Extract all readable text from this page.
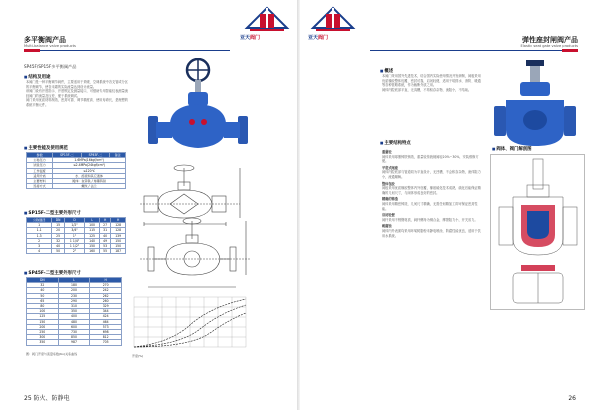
亚天阀门
多平衡阀产品
Multi-balance valve products
SP45F/SP15F多平衡阀产品
■ 结构及用途

本阀门是一种平衡调节阀件，主要适用于采暖、空调系统中各支管或分区的平衡调节，使各末端的实际流量达到设计流量。

该阀门设有开度指示、开度锁定及测量接口，可借助专用智能仪表测量流经阀门的流量及压差，便于系统调试。

阀门采用优质材料制造，密封可靠、调节精度高、使用寿命长，是理想的系统平衡元件。

■ 主要性能及使用规范
参数	SP15F-二	SP45F-二	备注
公称压力	1.6MPa(16kgf/cm²)		
试验压力	≤2.4MPa(24kgf/cm²)		
工作温度	≤120℃		
适用介质	水、溶液和其它液体		
主要材料	阀体：灰铸铁 / 球墨铸铁		
连接方式	螺纹 / 法兰		
■ SP15F-二型主要外形尺寸
公称通径	DN	D	L	H	H
1	15	1/2"	100	27	128
1.1	20	3/4"	115	31	128
1.3	25	1"	125	40	139
2	32	1 1/4"	140	49	150
3	40	1 1/2"	150	53	150
4	50	2"	160	55	187
■ SP45F-二型主要外形尺寸
DN	L	H
32	180	270
40	200	242
50	230	262
65	290	260
80	310	329
100	350	344
125	400	424
150	480	464
200	600	573
250	730	698
300	850	812
350	987	705
开度(%)
图：阀门开度与流量系数(Kv)关系曲线
25 防火、防静电
亚天阀门	弹性座封闸阀产品
Elastic seat gate valve products
■ 概述

本阀门采用国外先进技术，结合国内实际使用情况开发研制，阀板采用优质橡胶整体包覆，密封可靠，启闭轻便，适用于给排水、消防、暖通等各种管路系统，作为截断介质之用。

阀体内腔底部平直，无沟槽，不易积存杂物，流阻小，不结垢。

■ 主要结构特点

重量轻

阀体采用球墨铸铁铸造，重量较传统闸阀轻20%~30%，安装维修方便。

平底式闸座

阀体内腔底部与管道同为平直设计，无凹槽，不会积存杂物，流体阻力小，流通顺畅。

整体包胶

阀板采用优质橡胶整体内外包覆，橡胶硫化技术成熟，硫化后能保证精确的几何尺寸，与阀体形成良好的密封。

精确的铸造

阀体采用精密铸造，几何尺寸精确，无需任何精加工即可保证密封性能。

启闭轻便

阀杆采用不锈钢材质，阀杆螺母为铜合金，摩擦阻力小，开关省力。

耐腐蚀

阀体内外表面均采用环氧树脂粉末静电喷涂，防腐性能优良，适用于饮用水系统。

■ 阀体、阀门解剖图
26
